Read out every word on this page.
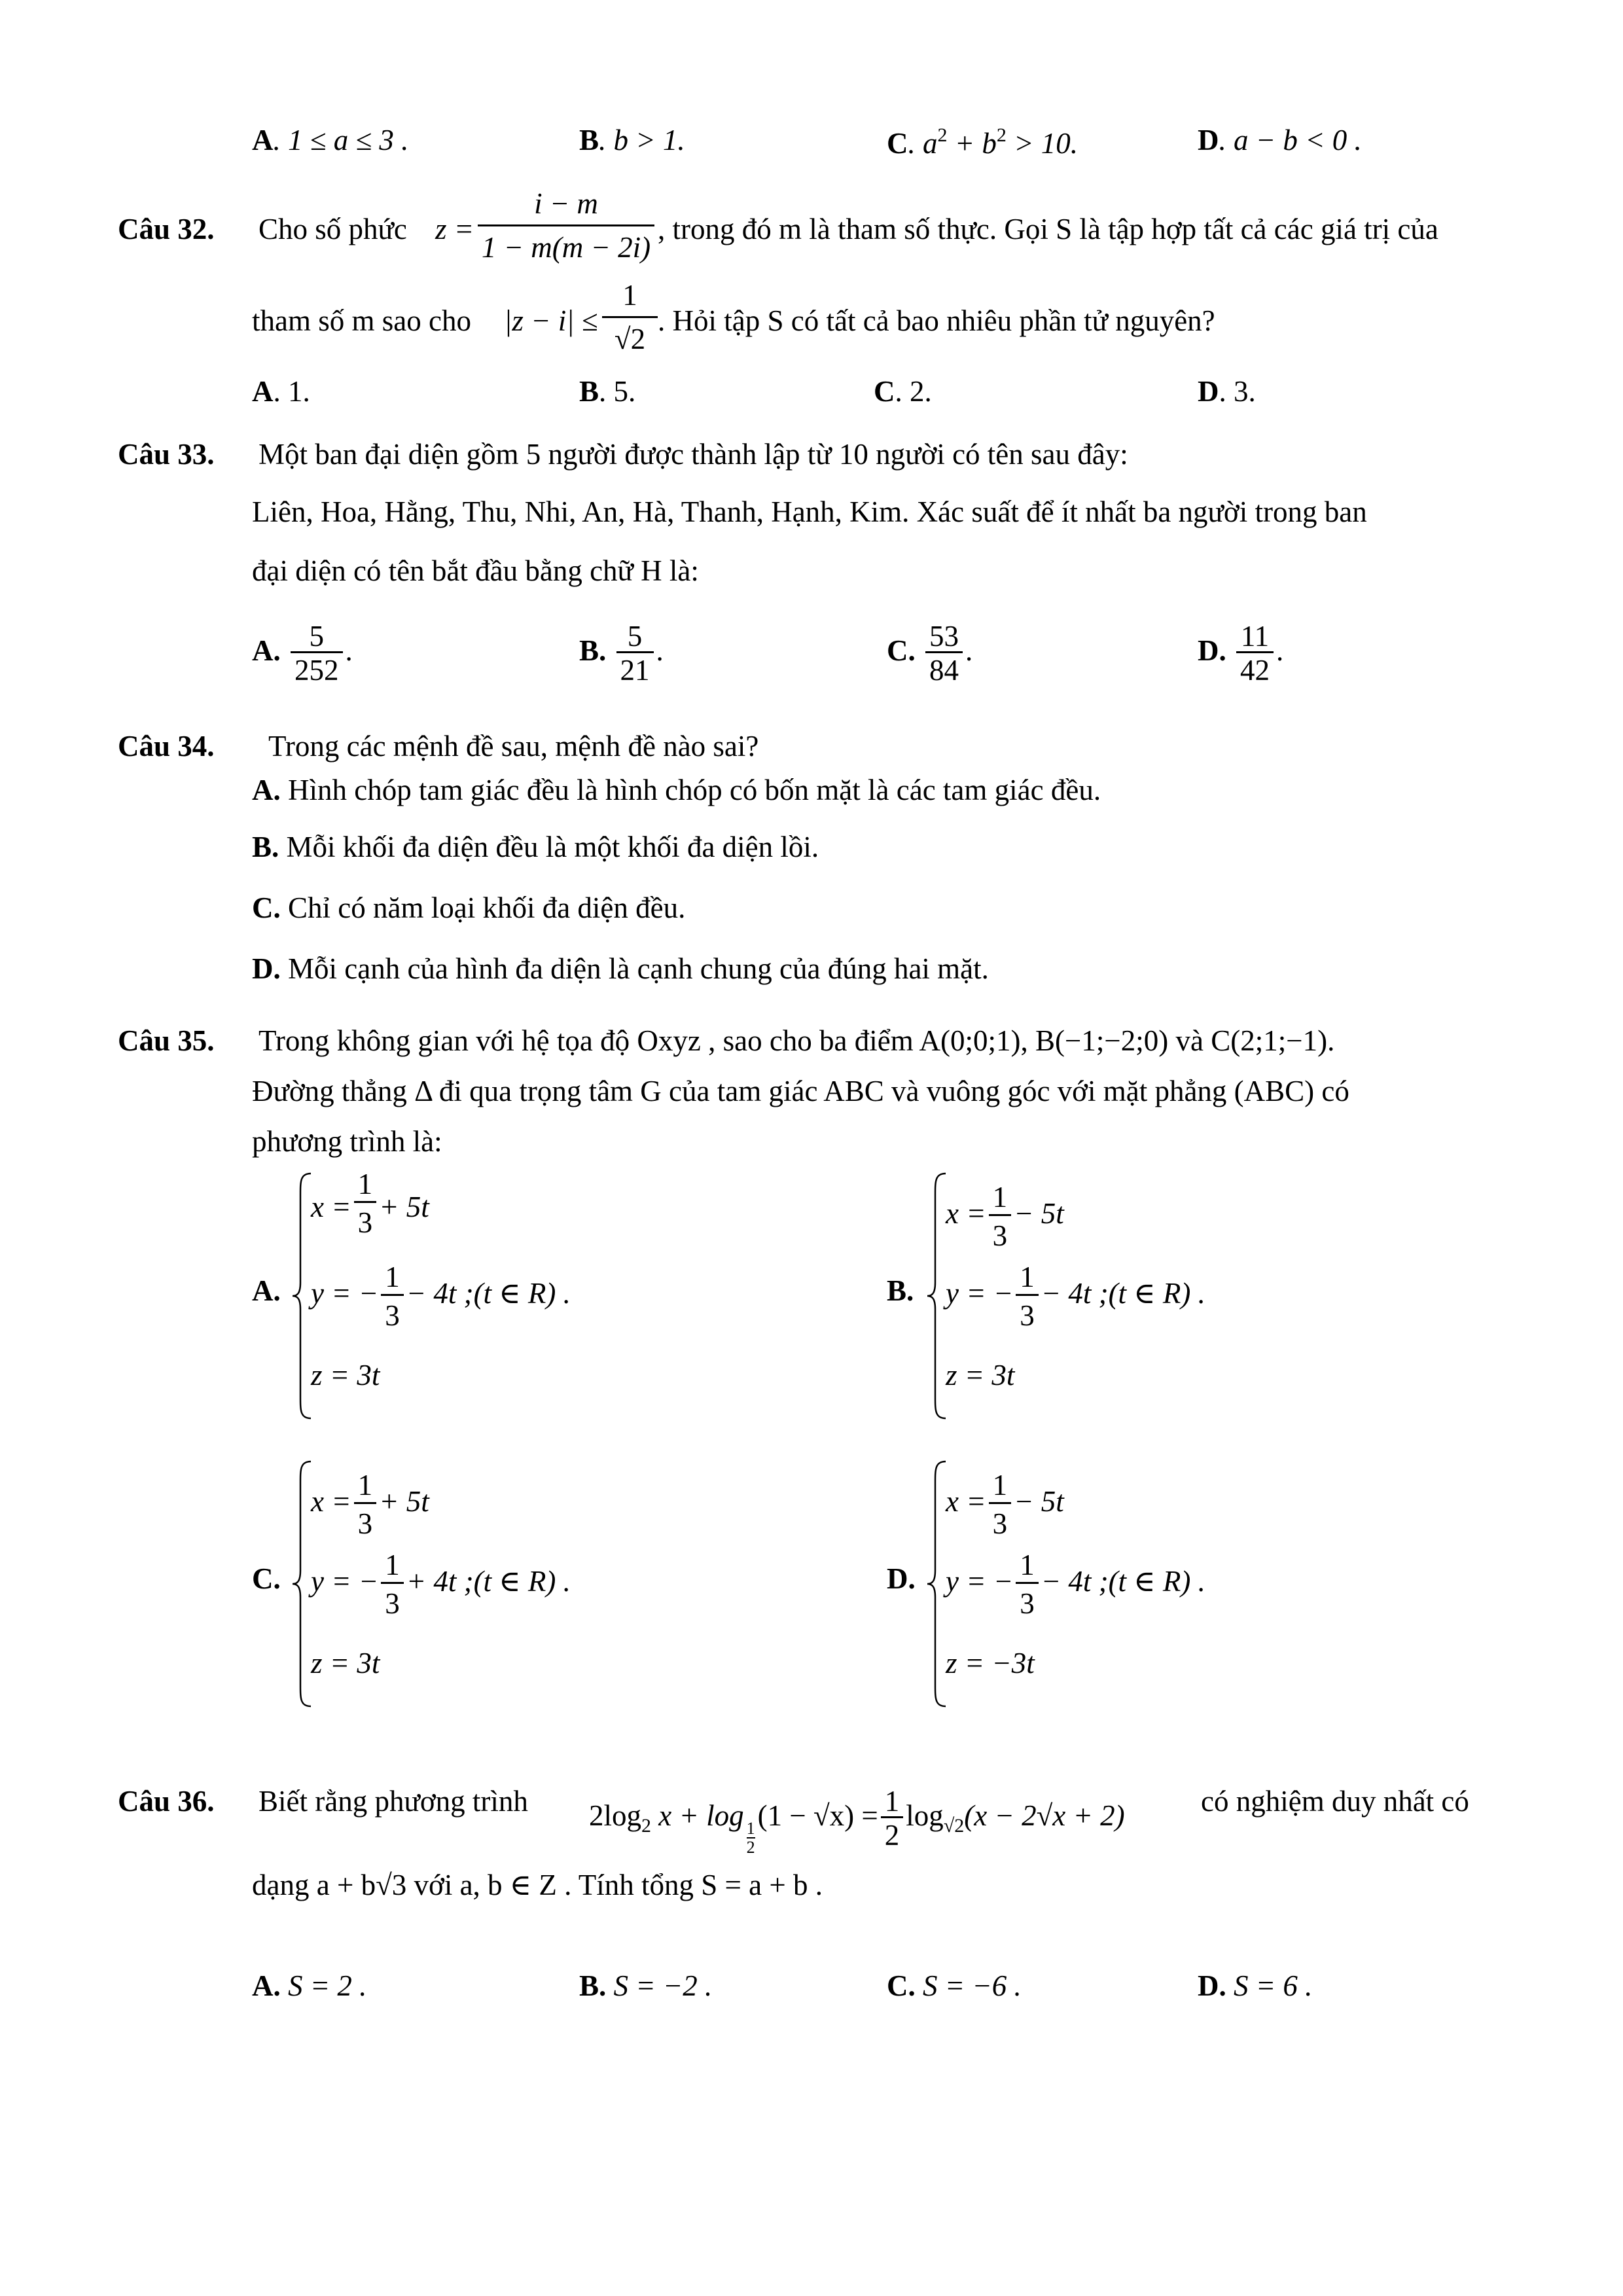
A. 1 ≤ a ≤ 3 .	B. b > 1.	C. $a^2 + b^2 > 10$.	D. a − b < 0 .
Câu 32. Cho số phức $z = \frac{i - m}{1 - m(m - 2i)}$ , trong đó m là tham số thực. Gọi S là tập hợp tất cả các giá trị của
tham số m sao cho $|z - i| \le \frac{1}{√2}$ . Hỏi tập S có tất cả bao nhiêu phần tử nguyên?
A. 1.	B. 5.	C. 2.	D. 3.
Câu 33. Một ban đại diện gồm 5 người được thành lập từ 10 người có tên sau đây:
Liên, Hoa, Hằng, Thu, Nhi, An, Hà, Thanh, Hạnh, Kim. Xác suất để ít nhất ba người trong ban
đại diện có tên bắt đầu bằng chữ H là:
A. $\frac{5}{252}$ .	B. $\frac{5}{21}$ .	C. $\frac{53}{84}$ .	D. $\frac{11}{42}$ .
Câu 34. Trong các mệnh đề sau, mệnh đề nào sai?
A. Hình chóp tam giác đều là hình chóp có bốn mặt là các tam giác đều.
B. Mỗi khối đa diện đều là một khối đa diện lồi.
C. Chỉ có năm loại khối đa diện đều.
D. Mỗi cạnh của hình đa diện là cạnh chung của đúng hai mặt.
Câu 35. Trong không gian với hệ tọa độ Oxyz , sao cho ba điểm A(0;0;1), B(−1;−2;0) và C(2;1;−1).
Đường thẳng Δ đi qua trọng tâm G của tam giác ABC và vuông góc với mặt phẳng (ABC) có
phương trình là:
A.
$x = \frac{1}{3} + 5t$
y = − $\frac{1}{3} - 4t$ ;(t ∈ R) .
z = 3t
B.
$x = \frac{1}{3} - 5t$
y = − $\frac{1}{3} - 4t$ ;(t ∈ R) .
z = 3t
C.
$x = \frac{1}{3} + 5t$
y = − $\frac{1}{3} + 4t$ ;(t ∈ R) .
z = 3t
D.
$x = \frac{1}{3} - 5t$
y = − $\frac{1}{3} - 4t$ ;(t ∈ R) .
z = −3t
Câu 36. Biết rằng phương trình $2\log_2$ x + log
$\frac{1}{2}$
$(1 - √x) = \frac{1}{2} \log_{√2}(x - 2√x + 2)$	có nghiệm duy nhất có
dạng a + b√3 với a, b ∈ Z . Tính tổng S = a + b .
A. S = 2 .	B. S = −2 .	C. S = −6 .	D. S = 6 .
